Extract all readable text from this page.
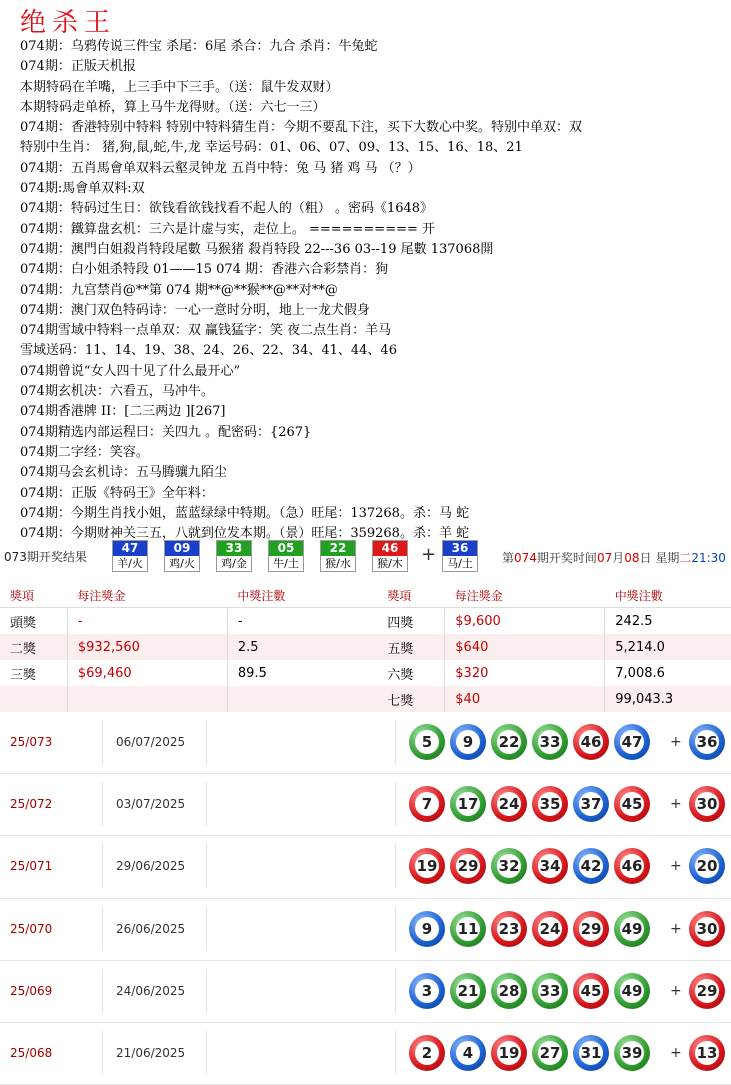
绝杀王
074期：乌鸦传说三件宝 杀尾：6尾 杀合：九合 杀肖：牛兔蛇
074期：正版天机报
本期特码在羊嘴，上三手中下三手。（送：鼠牛发双财）
本期特码走单桥，算上马牛龙得财。（送：六七一三）
074期：香港特别中特料 特别中特料猜生肖：今期不要乱下注，买下大数心中奖。特别中单双：双
特别中生肖： 猪,狗,鼠,蛇,牛,龙 幸运号码：01、06、07、09、13、15、16、18、21
074期：五肖馬會单双料云壑灵钟龙 五肖中特：兔 马 猪 鸡 马 （？）
074期:馬會单双料:双
074期：特码过生日：欲钱看欲钱找看不起人的（粗） 。密码《1648》
074期：鐵算盘玄机：三六是计虚与实，走位上。 ========== 开
074期：澳門白姐殺肖特段尾數 马猴猪 殺肖特段 22---36 03--19 尾數 137068開
074期：白小姐杀特段 01——15 074 期：香港六合彩禁肖：狗
074期：九宫禁肖@**第 074 期**@**猴**@**对**@
074期：澳门双色特码诗：一心一意时分明，地上一龙犬假身
074期雪域中特料一点单双：双 赢钱猛字：笑 夜二点生肖：羊马
雪域送码：11、14、19、38、24、26、22、34、41、44、46
074期曾说“女人四十见了什么最开心”
074期玄机决：六看五，马冲牛。
074期香港牌 II：[二三两边 ][267]
074期精选内部运程曰：关四九 。配密码：{267}
074期二字经：笑容。
074期马会玄机诗：五马腾骧九陌尘
074期：正版《特码王》全年料：
074期：今期生肖找小姐，蓝蓝绿绿中特期。（急）旺尾：137268。杀：马 蛇
074期：今期财神关三五，八就到位发本期。（景）旺尾：359268。杀：羊 蛇
073期开奖结果
47
羊/火
09
鸡/火
33
鸡/金
05
牛/土
22
猴/水
46
猴/木
36
马/土
+	第074期开奖时间07月08日 星期二21:30
獎項	每注獎金	中獎注數	獎項	每注獎金	中獎注數
頭獎	-	-	四獎	$9,600	242.5
二獎	$932,560	2.5	五獎	$640	5,214.0
三獎	$69,460	89.5	六獎	$320	7,008.6
			七獎	$40	99,043.3
25/073	06/07/2025	5	9	22 33 46 47 + 36
25/072	03/07/2025	7	17 24 35 37 45 + 30
25/071	29/06/2025	19 29 32 34 42 46 + 20
25/070	26/06/2025	9	11 23 24 29 49 + 30
25/069	24/06/2025	3	21 28 33 45 49 + 29
25/068	21/06/2025	2	4	19 27 31 39 + 13
